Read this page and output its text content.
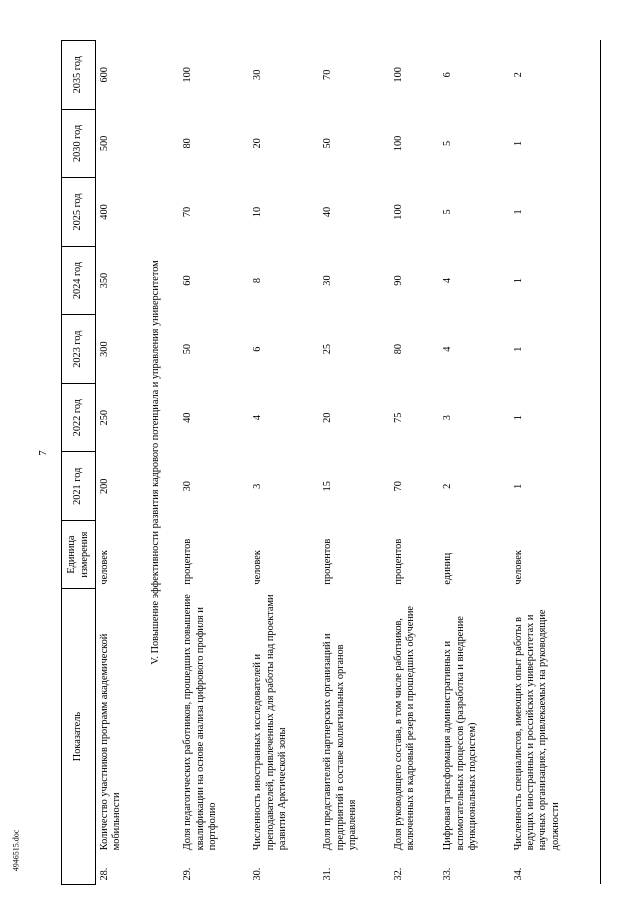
7
Показатель		Единица измерения	2021 год	2022 год	2023 год	2024 год	2025 год	2030 год	2035 год
28.	Количество участников программ академической мобильности	человек	200	250	300	350	400	500	600
V. Повышение эффективности развития кадрового потенциала и управления университетом									
29.	Доля педагогических работников, прошедших повышение квалификации на основе анализа цифрового профиля и портфолио	процентов	30	40	50	60	70	80	100
30.	Численность иностранных исследователей и преподавателей, привлеченных для работы над проектами развития Арктической зоны	человек	3	4	6	8	10	20	30
31.	Доля представителей партнерских организаций и предприятий в составе коллегиальных органов управления	процентов	15	20	25	30	40	50	70
32.	Доля руководящего состава, в том числе работников, включенных в кадровый резерв и прошедших обучение	процентов	70	75	80	90	100	100	100
33.	Цифровая трансформация административных и вспомогательных процессов (разработка и внедрение функциональных подсистем)	единиц	2	3	4	4	5	5	6
34.	Численность специалистов, имеющих опыт работы в ведущих иностранных и российских университетах и научных организациях, привлекаемых на руководящие должности	человек	1	1	1	1	1	1	2
4946515.doc
